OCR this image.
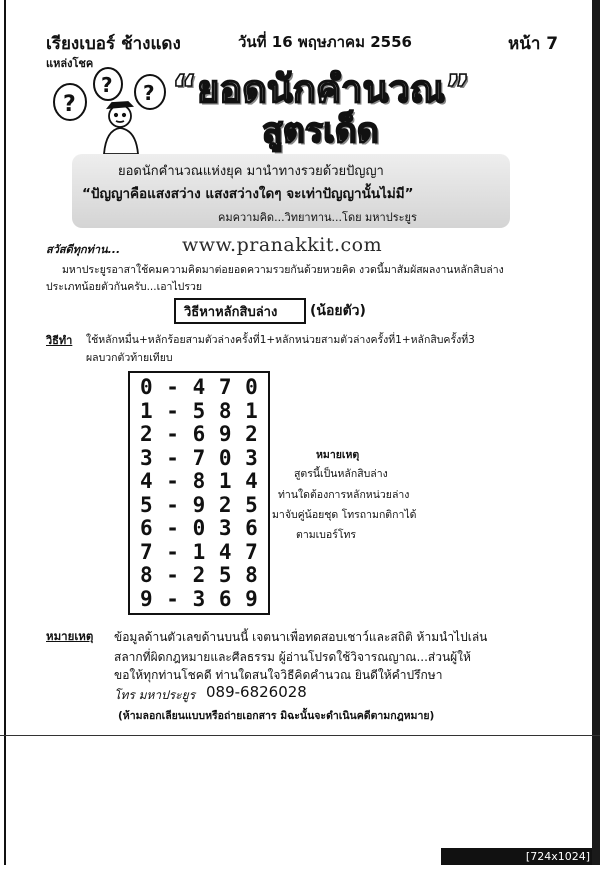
เรียงเบอร์ ช้างแดง	วันที่ 16 พฤษภาคม 2556	หน้า 7
แหล่งโชค
?
? ? “ยอดนักคำนวณ”
สูตรเด็ด
ยอดนักคำนวณแห่งยุค มานำทางรวยด้วยปัญญา
“ปัญญาคือแสงสว่าง แสงสว่างใดๆ จะเท่าปัญญานั้นไม่มี”
คมความคิด...วิทยาทาน...โดย มหาประยูร
สวัสดีทุกท่าน...	www.pranakkit.com
มหาประยูรอาสาใช้คมความคิดมาต่อยอดความรวยกันด้วยหวยคิด งวดนี้มาสัมผัสผลงานหลักสิบล่าง
ประเภทน้อยตัวกันครับ...เอาไปรวย
วิธีหาหลักสิบล่าง (น้อยตัว)
วิธีทำ ใช้หลักหมื่น+หลักร้อยสามตัวล่างครั้งที่1+หลักหน่วยสามตัวล่างครั้งที่1+หลักสิบครั้งที่3
ผลบวกตัวท้ายเทียบ
0 - 4 7 0
1 - 5 8 1
2 - 6 9 2
3 - 7 0 3
4 - 8 1 4
5 - 9 2 5
6 - 0 3 6
7 - 1 4 7
8 - 2 5 8
9 - 3 6 9
หมายเหตุ
สูตรนี้เป็นหลักสิบล่าง
ท่านใดต้องการหลักหน่วยล่าง
มาจับคู่น้อยชุด โทรถามกติกาได้
ตามเบอร์โทร
หมายเหตุ ข้อมูลด้านตัวเลขด้านบนนี้ เจตนาเพื่อทดสอบเชาว์และสถิติ ห้ามนำไปเล่น
สลากที่ผิดกฎหมายและศีลธรรม ผู้อ่านโปรดใช้วิจารณญาณ...ส่วนผู้ให้
ขอให้ทุกท่านโชคดี ท่านใดสนใจวิธีคิดคำนวณ ยินดีให้คำปรึกษา
โทร มหาประยูร 089-6826028
(ห้ามลอกเลียนแบบหรือถ่ายเอกสาร มิฉะนั้นจะดำเนินคดีตามกฎหมาย)
[724x1024] https://upic.me/
